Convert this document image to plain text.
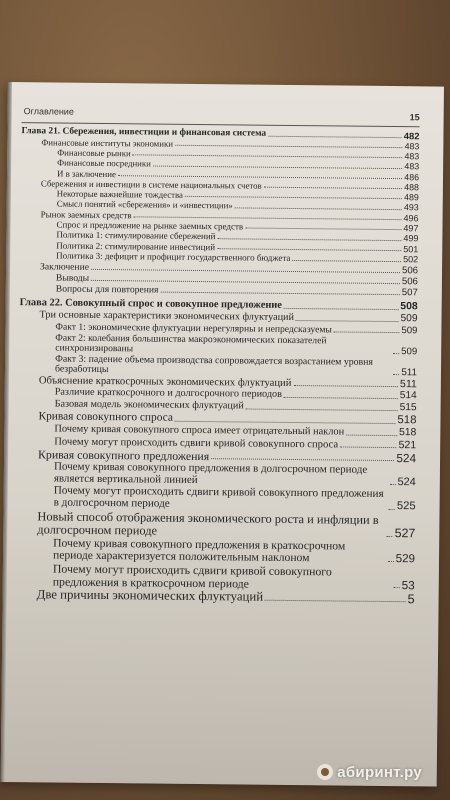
Оглавление
15
Глава 21. Сбережения, инвестиции и финансовая система	482
Финансовые институты экономики	483
Финансовые рынки	483
Финансовые посредники	483
И в заключение	486
Сбережения и инвестиции в системе национальных счетов	488
Некоторые важнейшие тождества	489
Смысл понятий «сбережения» и «инвестиции»	493
Рынок заемных средств	496
Спрос и предложение на рынке заемных средств	497
Политика 1: стимулирование сбережений	499
Политика 2: стимулирование инвестиций	501
Политика 3: дефицит и профицит государственного бюджета	502
Заключение	506
Выводы	506
Вопросы для повторения	507
Глава 22. Совокупный спрос и совокупное предложение	508
Три основные характеристики экономических флуктуаций	509
Факт 1: экономические флуктуации нерегулярны и непредсказуемы	509
Факт 2: колебания большинства макроэкономических показателей синхронизированы	509
Факт 3: падение объема производства сопровождается возрастанием уровня безработицы	511
Объяснение краткосрочных экономических флуктуаций	511
Различие краткосрочного и долгосрочного периодов	514
Базовая модель экономических флуктуаций	515
Кривая совокупного спроса	518
Почему кривая совокупного спроса имеет отрицательный наклон	518
Почему могут происходить сдвиги кривой совокупного спроса	521
Кривая совокупного предложения	524
Почему кривая совокупного предложения в долгосрочном периоде является вертикальной линией	524
Почему могут происходить сдвиги кривой совокупного предложения в долгосрочном периоде	525
Новый способ отображения экономического роста и инфляции в долгосрочном периоде	527
Почему кривая совокупного предложения в краткосрочном периоде характеризуется положительным наклоном	529
Почему могут происходить сдвиги кривой совокупного предложения в краткосрочном периоде	53
Две причины экономических флуктуаций	5
абиринт.ру
